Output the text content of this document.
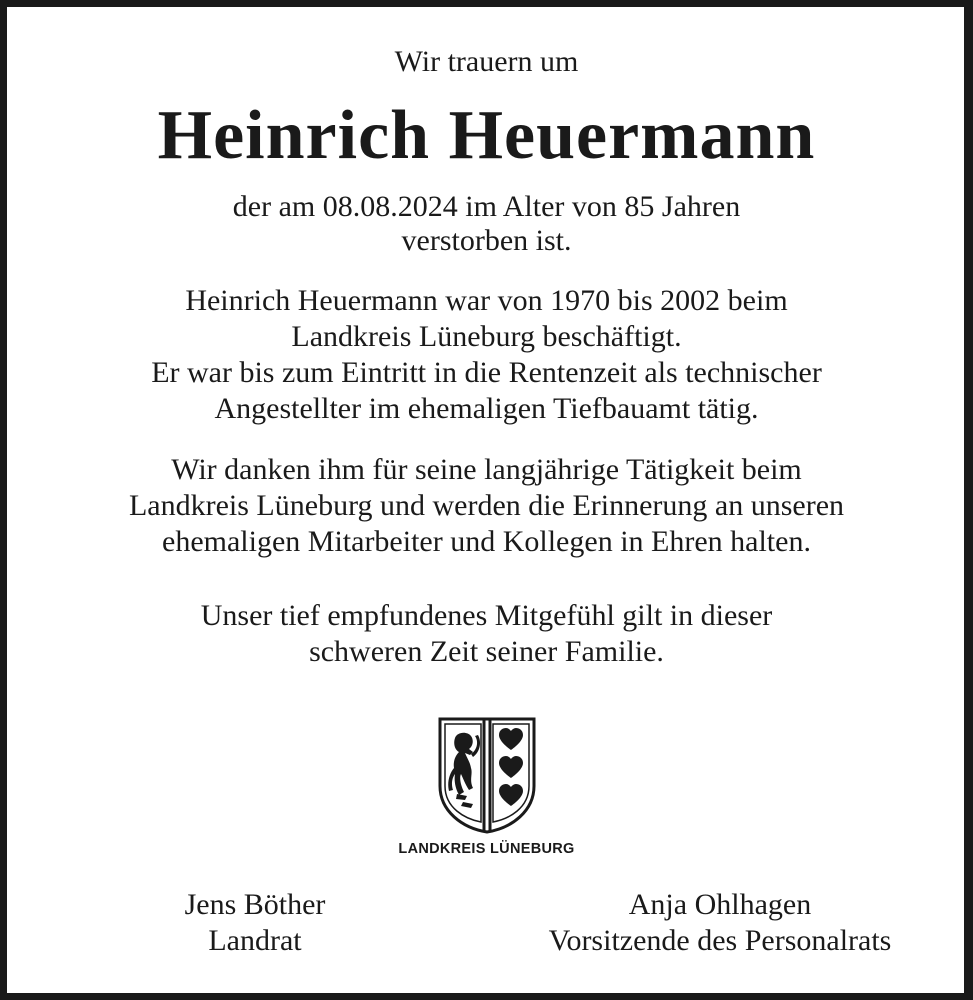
Wir trauern um
Heinrich Heuermann
der am 08.08.2024 im Alter von 85 Jahren
verstorben ist.
Heinrich Heuermann war von 1970 bis 2002 beim
Landkreis Lüneburg beschäftigt.
Er war bis zum Eintritt in die Rentenzeit als technischer
Angestellter im ehemaligen Tiefbauamt tätig.
Wir danken ihm für seine langjährige Tätigkeit beim
Landkreis Lüneburg und werden die Erinnerung an unseren
ehemaligen Mitarbeiter und Kollegen in Ehren halten.
Unser tief empfundenes Mitgefühl gilt in dieser
schweren Zeit seiner Familie.
LANDKREIS LÜNEBURG
Jens Böther
Landrat
Anja Ohlhagen
Vorsitzende des Personalrats
